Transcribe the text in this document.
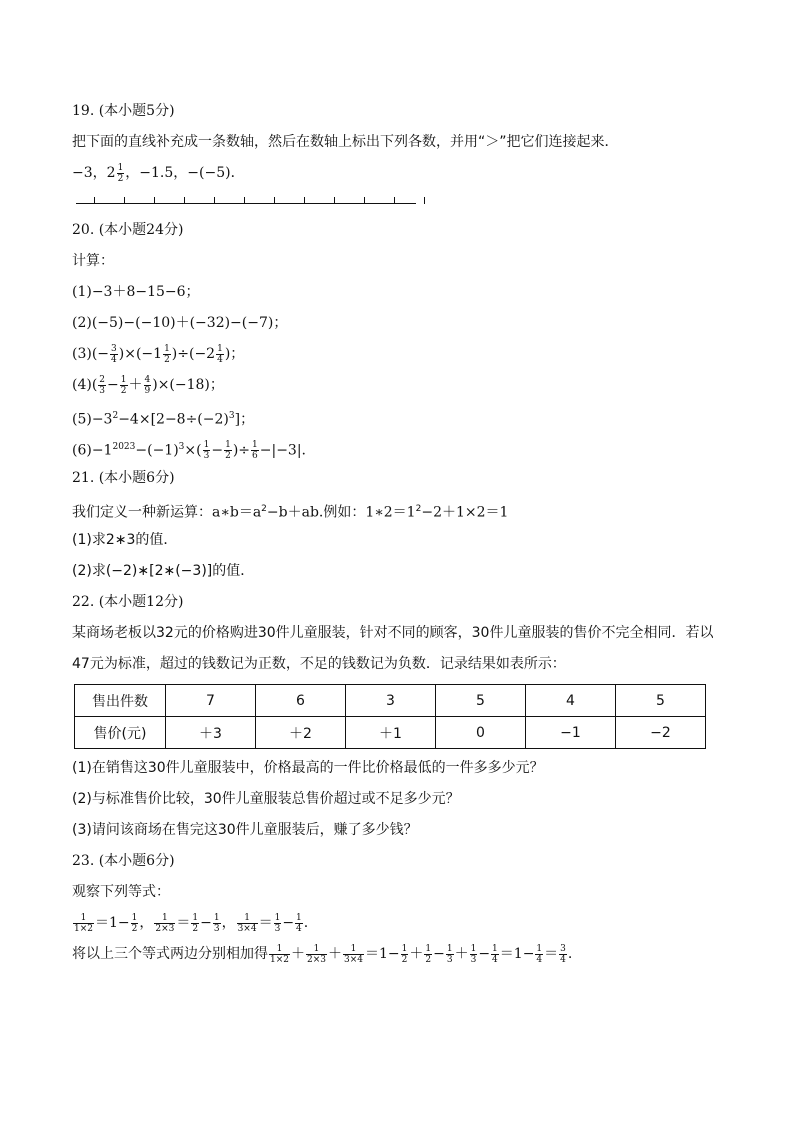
19. (本小题5分)
把下面的直线补充成一条数轴，然后在数轴上标出下列各数，并用“＞”把它们连接起来．
−3，$2 \frac{1}{2}$ ，−1.5，−(−5)．
20. (本小题24分)
计算：
(1)−3＋8−15−6；
(2)(−5)−(−10)＋(−32)−(−7)；
$(3)(- \frac{3}{4} )\times(-1 \frac{1}{2} )\div(-2 \frac{1}{4}$ )；
$(4)( \frac{2}{3} - \frac{1}{2} + \frac{4}{9} )\times(-18)$；
$(5)-3^2-4\times[2-8\div(-2)^3]$；
$(6)-1^{2023}-(-1)^3\times( \frac{1}{3} - \frac{1}{2}$ )÷ $\frac{1}{6} -|-3|$.
21. (本小题6分)
我们定义一种新运算：$a∗b=a^2-b+ab$.例如：$1∗2=1^2-2+1\times 2=1$
(1)求2∗3的值．
(2)求(−2)∗[2∗(−3)]的值．
22. (本小题12分)
某商场老板以32元的价格购进30件儿童服装，针对不同的顾客，30件儿童服装的售价不完全相同．若以
47元为标准，超过的钱数记为正数，不足的钱数记为负数．记录结果如表所示：
售出件数	7	6	3	5	4	5
售价(元)	＋3	＋2	＋1	0	−1	−2
(1)在销售这30件儿童服装中，价格最高的一件比价格最低的一件多多少元？
(2)与标准售价比较，30件儿童服装总售价超过或不足多少元？
(3)请问该商场在售完这30件儿童服装后，赚了多少钱？
23. (本小题6分)
观察下列等式：
$\frac{1}{1\times 2} =1- \frac{1}{2}$ ， $\frac{1}{2\times 3} = \frac{1}{2} - \frac{1}{3}$ ， $\frac{1}{3\times 4} = \frac{1}{3} - \frac{1}{4}$ .
将以上三个等式两边分别相加得 $\frac{1}{1\times 2} + \frac{1}{2\times 3} + \frac{1}{3\times 4} =1- \frac{1}{2} + \frac{1}{2} - \frac{1}{3} + \frac{1}{3} - \frac{1}{4} =1- \frac{1}{4} = \frac{3}{4}$ .
